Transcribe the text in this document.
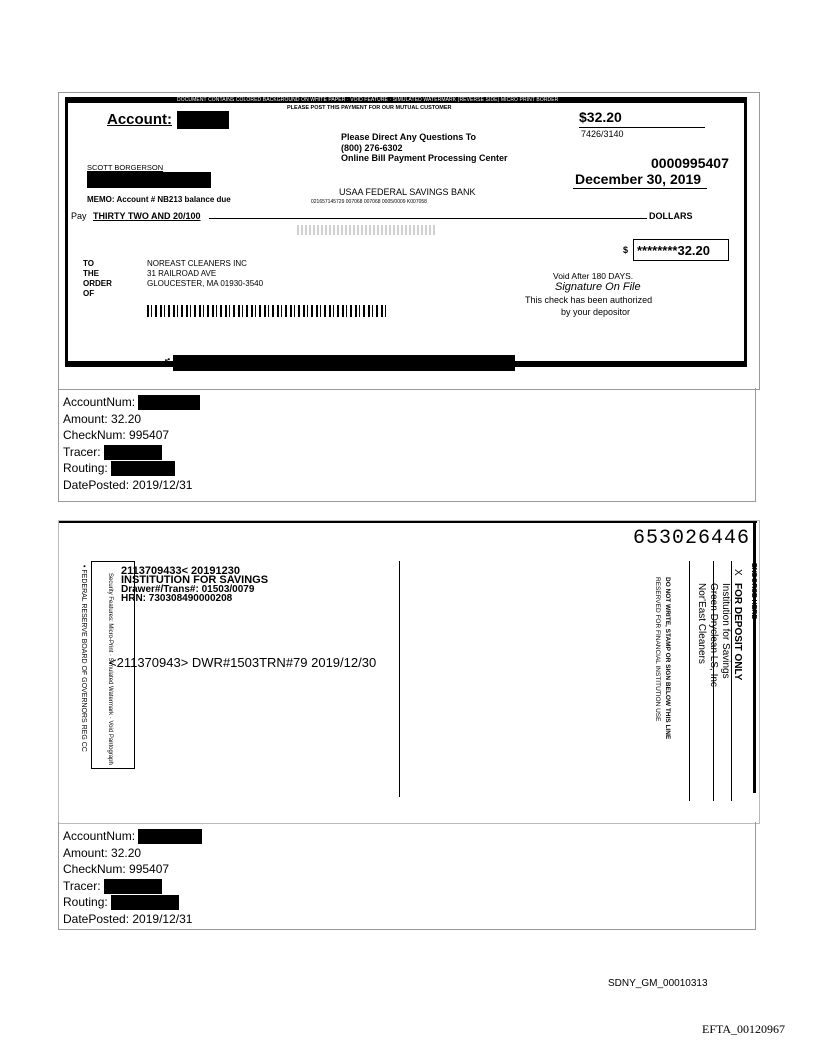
DOCUMENT CONTAINS COLORED BACKGROUND ON WHITE PAPER · VOID FEATURE · SIMULATED WATERMARK (REVERSE SIDE) MICRO PRINT BORDER
PLEASE POST THIS PAYMENT FOR OUR MUTUAL CUSTOMER
Account:	$32.20
7426/3140
Please Direct Any Questions To
(800) 276-6302
Online Bill Payment Processing Center
SCOTT BORGERSON	0000995407
December 30, 2019
USAA FEDERAL SAVINGS BANK
021657145729 007068 007068 0005/0009 K007058
MEMO: Account # NB213 balance due
Pay THIRTY TWO AND 20/100	DOLLARS
$ ********32.20
TO
THE
ORDER
OF
NOREAST CLEANERS INC
31 RAILROAD AVE
GLOUCESTER, MA 01930-3540
Void After 180 DAYS.
Signature On File
This check has been authorized
by your depositor
⑈
AccountNum:
Amount: 32.20
CheckNum: 995407
Tracer:
Routing:
DatePosted: 2019/12/31
653026446
• FEDERAL RESERVE BOARD OF GOVERNORS REG CC	Security Features: Micro-Print · Simulated Watermark · Void Pantograph
2113709433< 20191230
INSTITUTION FOR SAVINGS
Drawer#/Trans#: 01503/0079
HRN: 730308490000208
<211370943> DWR#1503TRN#79 2019/12/30
ENDORSE HERE
X
FOR DEPOSIT ONLY
Institution for Savings
Green Dryclean LS, Inc
Nor'East Cleaners
DO NOT WRITE, STAMP OR SIGN BELOW THIS LINE
RESERVED FOR FINANCIAL INSTITUTION USE
AccountNum:
Amount: 32.20
CheckNum: 995407
Tracer:
Routing:
DatePosted: 2019/12/31
SDNY_GM_00010313
EFTA_00120967
